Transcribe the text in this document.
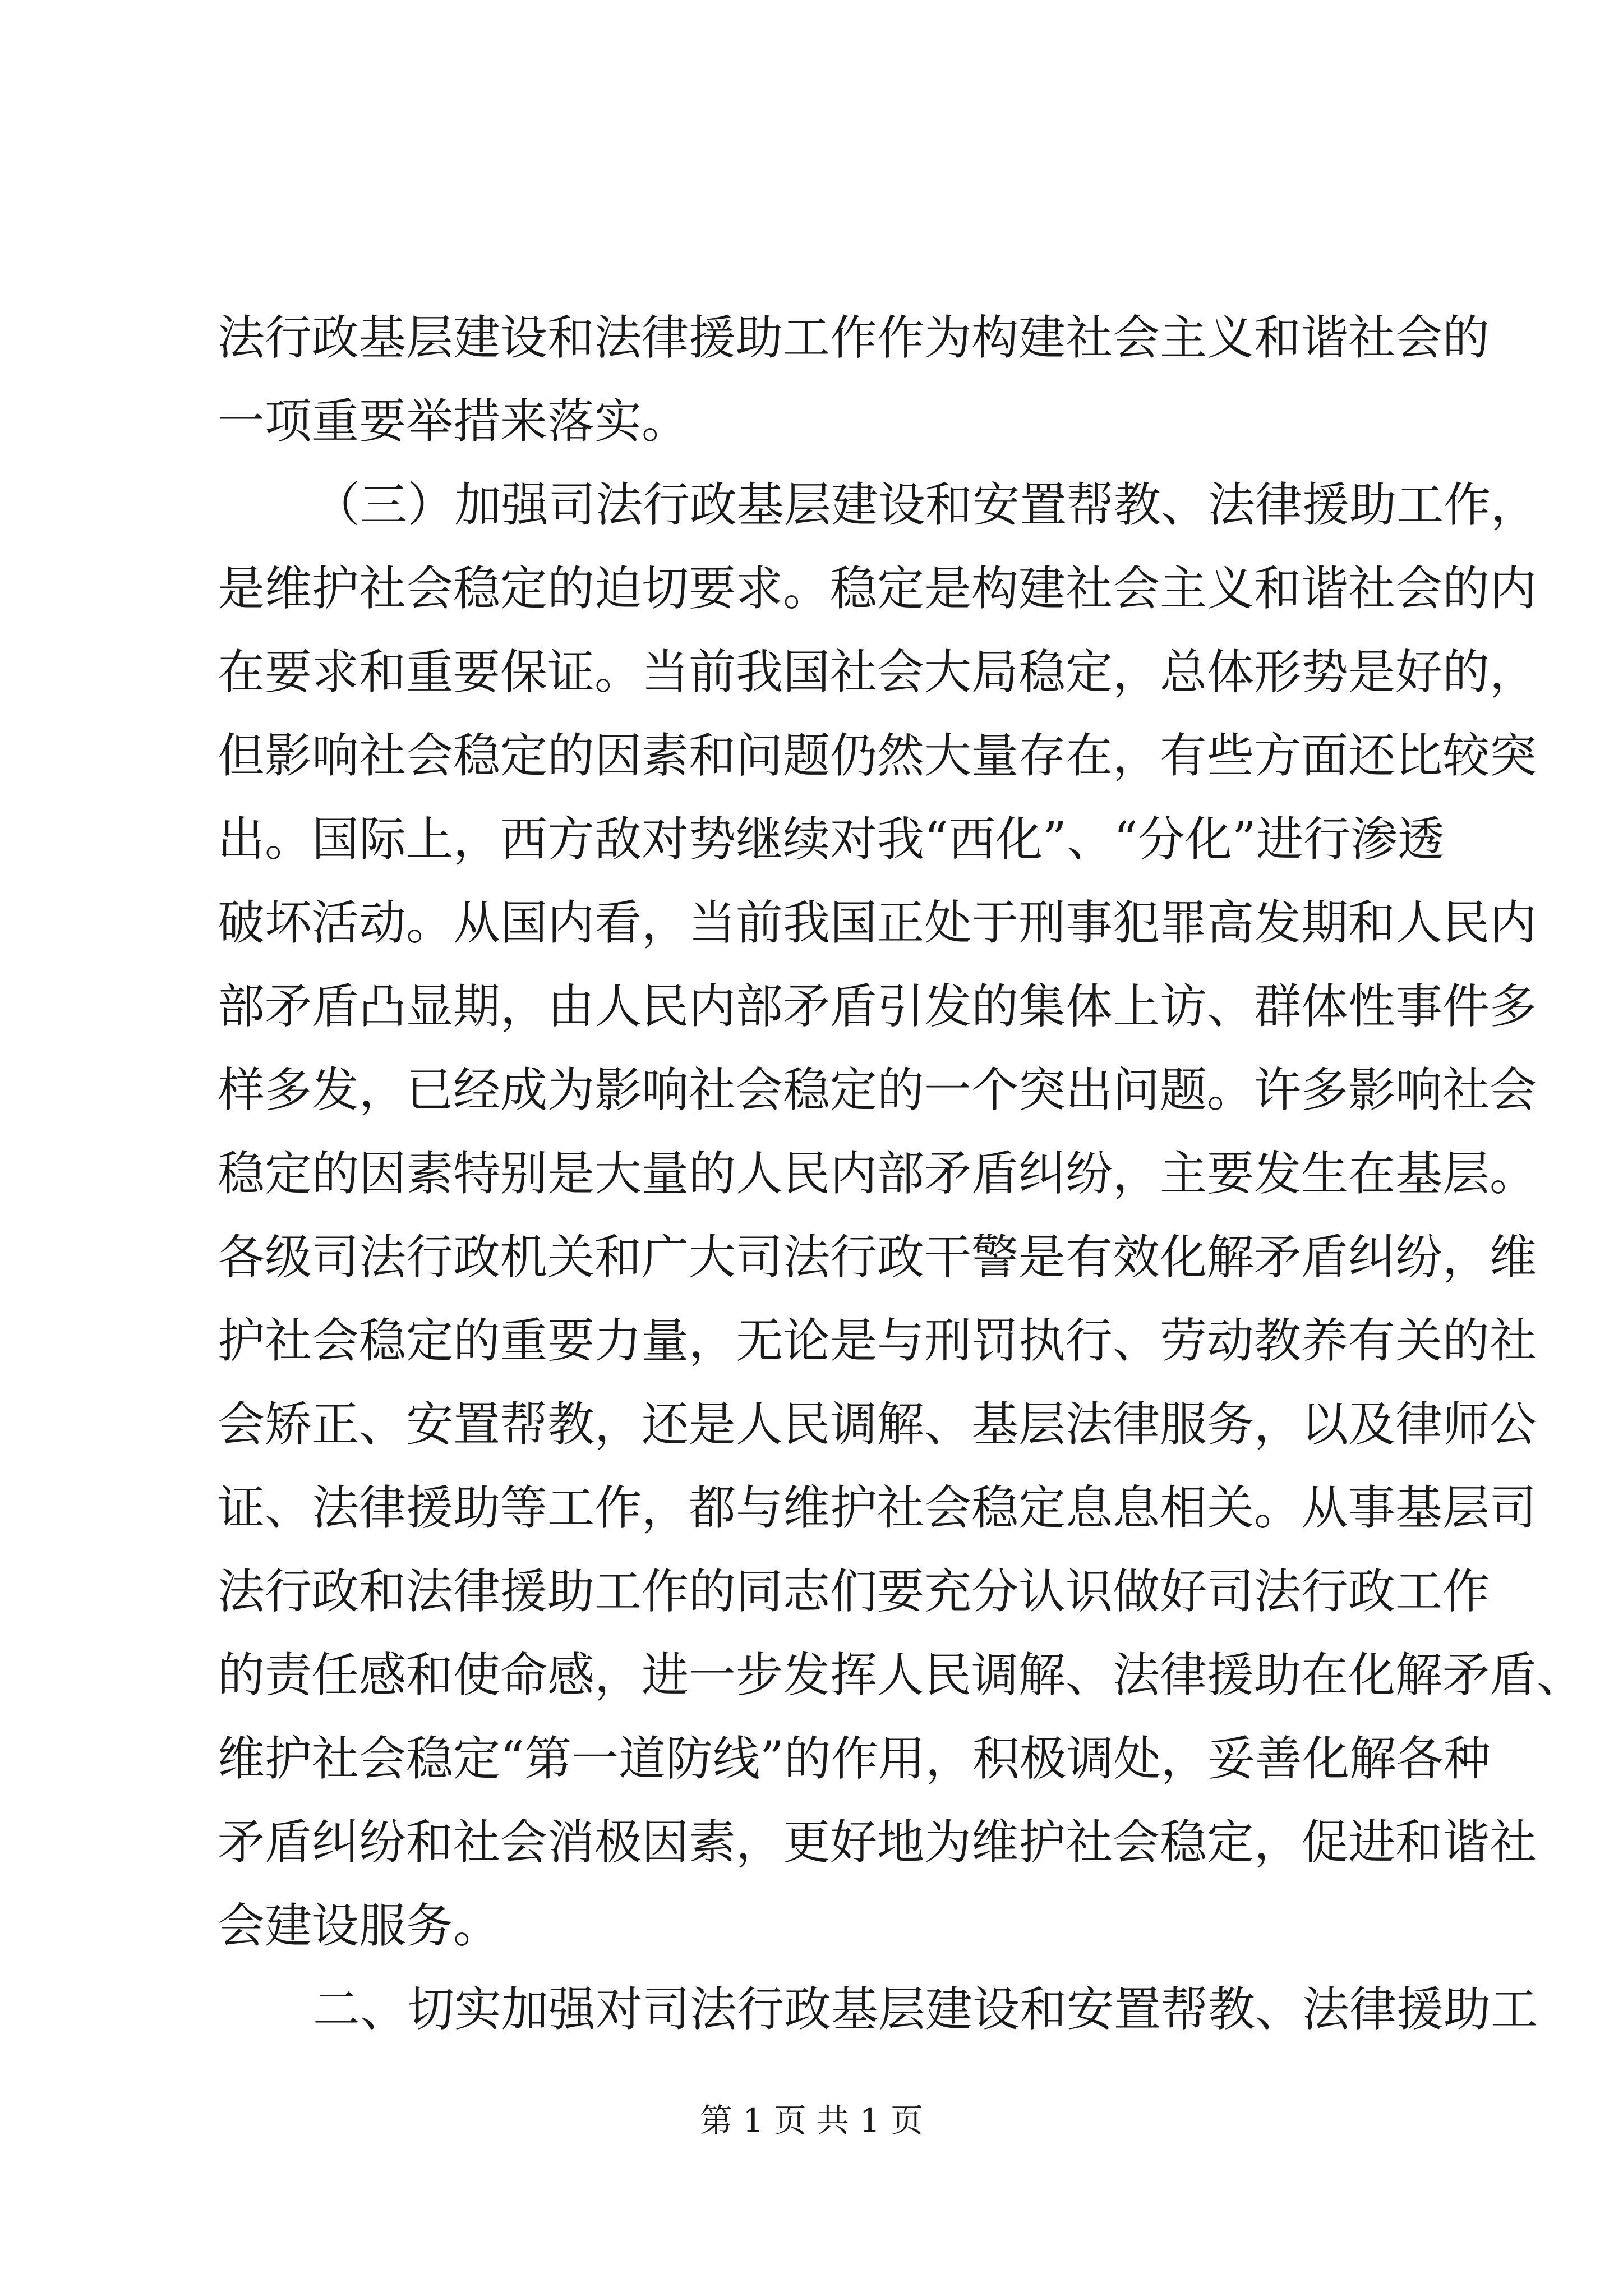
法行政基层建设和法律援助工作作为构建社会主义和谐社会的
一项重要举措来落实。
（三）加强司法行政基层建设和安置帮教、法律援助工作，
是维护社会稳定的迫切要求。稳定是构建社会主义和谐社会的内
在要求和重要保证。当前我国社会大局稳定，总体形势是好的，
但影响社会稳定的因素和问题仍然大量存在，有些方面还比较突
出。国际上，西方敌对势继续对我“西化”、“分化”进行渗透
破坏活动。从国内看，当前我国正处于刑事犯罪高发期和人民内
部矛盾凸显期，由人民内部矛盾引发的集体上访、群体性事件多
样多发，已经成为影响社会稳定的一个突出问题。许多影响社会
稳定的因素特别是大量的人民内部矛盾纠纷，主要发生在基层。
各级司法行政机关和广大司法行政干警是有效化解矛盾纠纷，维
护社会稳定的重要力量，无论是与刑罚执行、劳动教养有关的社
会矫正、安置帮教，还是人民调解、基层法律服务，以及律师公
证、法律援助等工作，都与维护社会稳定息息相关。从事基层司
法行政和法律援助工作的同志们要充分认识做好司法行政工作
的责任感和使命感，进一步发挥人民调解、法律援助在化解矛盾、
维护社会稳定“第一道防线”的作用，积极调处，妥善化解各种
矛盾纠纷和社会消极因素，更好地为维护社会稳定，促进和谐社
会建设服务。
二、切实加强对司法行政基层建设和安置帮教、法律援助工
第 1 页 共 1 页
